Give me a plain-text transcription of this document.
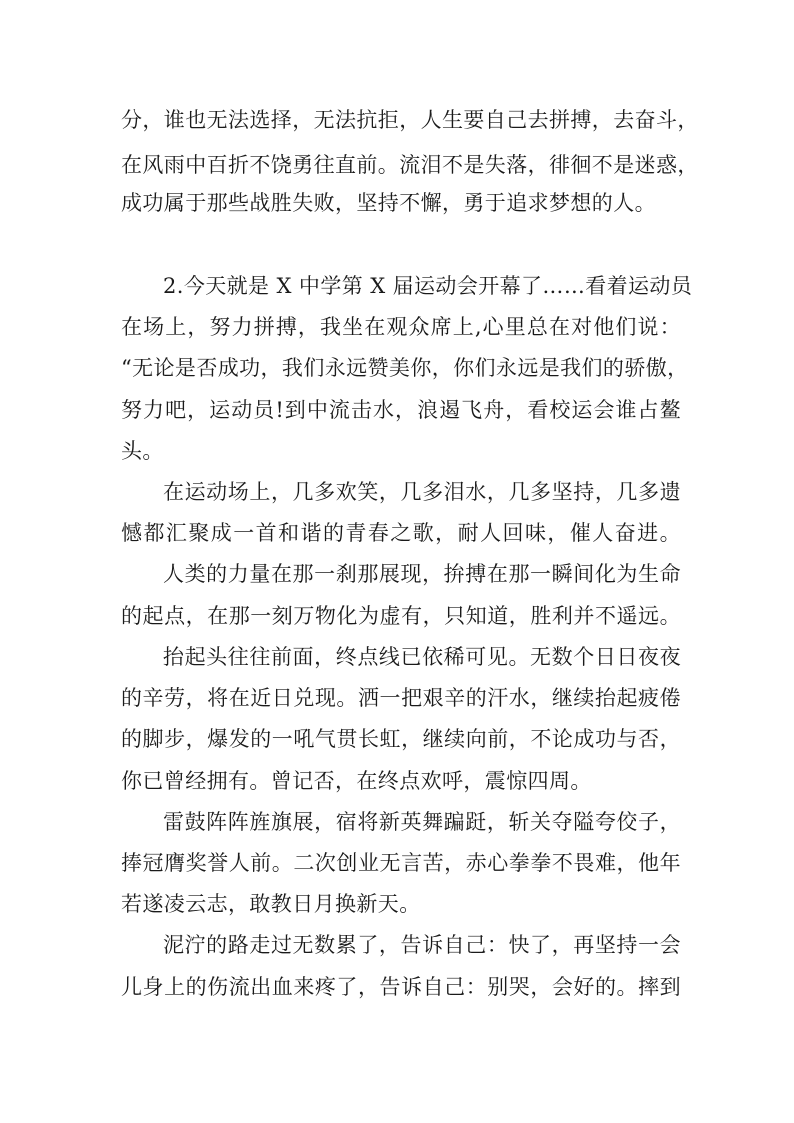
分，谁也无法选择，无法抗拒，人生要自己去拼搏，去奋斗，
在风雨中百折不饶勇往直前。流泪不是失落，徘徊不是迷惑，
成功属于那些战胜失败，坚持不懈，勇于追求梦想的人。
2.今天就是 X 中学第 X 届运动会开幕了……看着运动员
在场上，努力拼搏，我坐在观众席上,心里总在对他们说：
“无论是否成功，我们永远赞美你，你们永远是我们的骄傲，
努力吧，运动员!到中流击水，浪遏飞舟，看校运会谁占鳌
头。
在运动场上，几多欢笑，几多泪水，几多坚持，几多遗
憾都汇聚成一首和谐的青春之歌，耐人回味，催人奋进。
人类的力量在那一刹那展现，拚搏在那一瞬间化为生命
的起点，在那一刻万物化为虚有，只知道，胜利并不遥远。
抬起头往往前面，终点线已依稀可见。无数个日日夜夜
的辛劳，将在近日兑现。洒一把艰辛的汗水，继续抬起疲倦
的脚步，爆发的一吼气贯长虹，继续向前，不论成功与否，
你已曾经拥有。曾记否，在终点欢呼，震惊四周。
雷鼓阵阵旌旗展，宿将新英舞蹁跹，斩关夺隘夸佼子，
捧冠膺奖誉人前。二次创业无言苦，赤心拳拳不畏难，他年
若遂凌云志，敢教日月换新天。
泥泞的路走过无数累了，告诉自己：快了，再坚持一会
儿身上的伤流出血来疼了，告诉自己：别哭，会好的。摔到
